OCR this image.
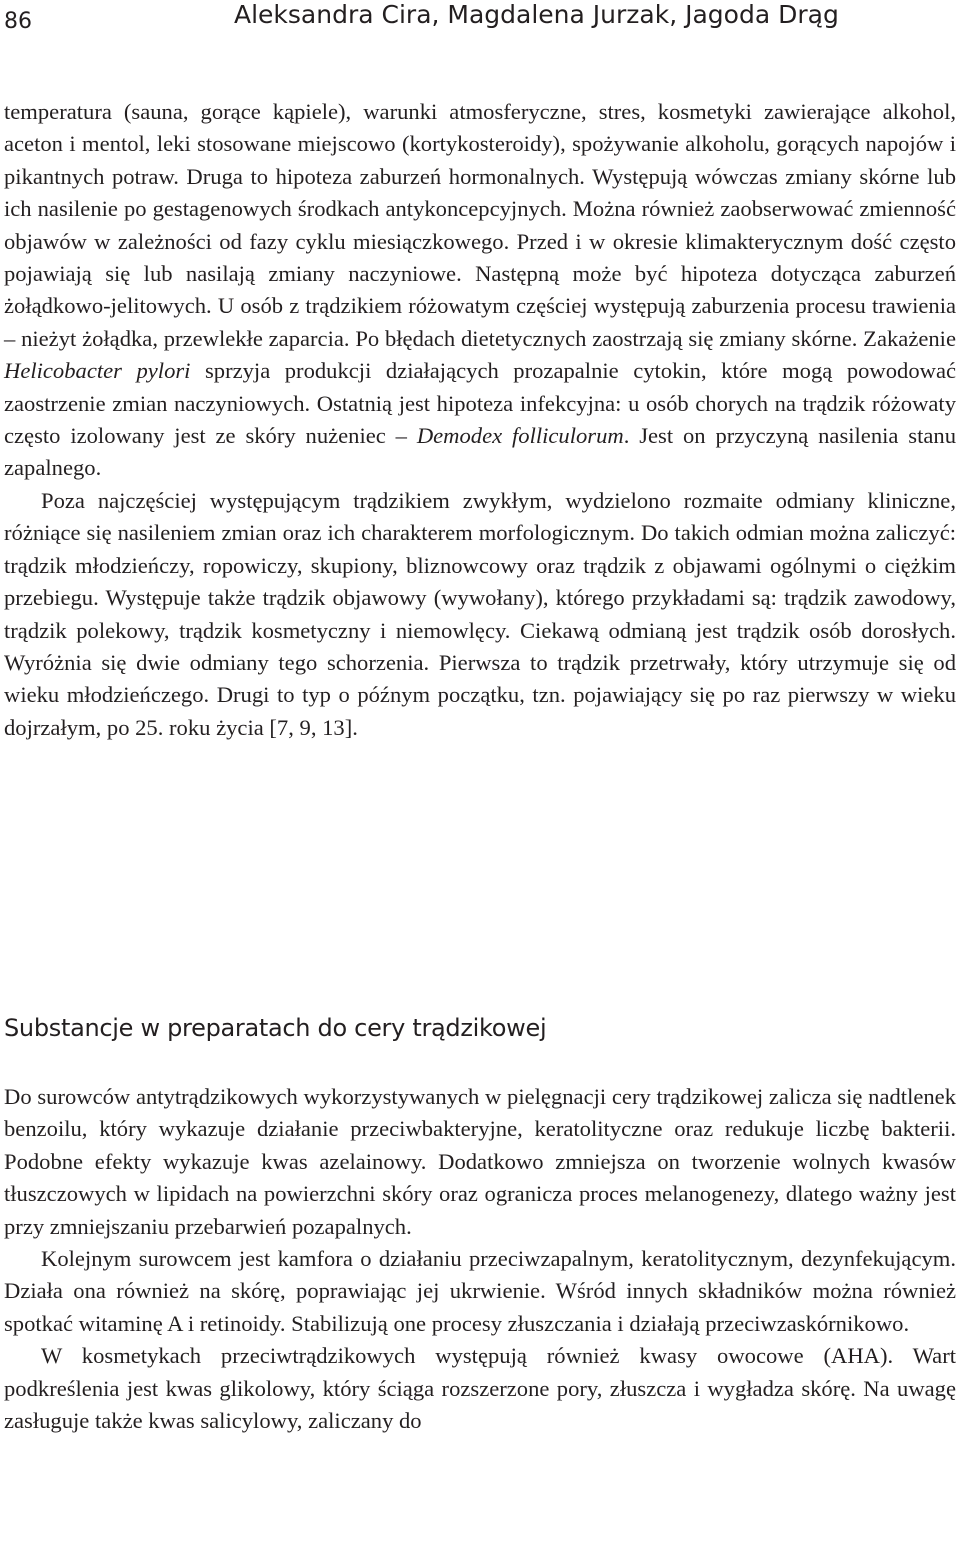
86	Aleksandra Cira, Magdalena Jurzak, Jagoda Drąg

temperatura (sauna, gorące kąpiele), warunki atmosferyczne, stres, kosmetyki zawierające alkohol, aceton i mentol, leki stosowane miejscowo (kortykosteroidy), spożywanie alkoholu, gorących napojów i pikantnych potraw. Druga to hipoteza zaburzeń hormonalnych. Występują wówczas zmiany skórne lub ich nasilenie po gestagenowych środkach antykoncepcyjnych. Można również zaobserwować zmienność objawów w zależności od fazy cyklu miesiączkowego. Przed i w okresie klimakterycznym dość często pojawiają się lub nasilają zmiany naczyniowe. Następną może być hipoteza dotycząca zaburzeń żołądkowo-jelitowych. U osób z trądzikiem różowatym częściej występują zaburzenia procesu trawienia – nieżyt żołądka, przewlekłe zaparcia. Po błędach dietetycznych zaostrzają się zmiany skórne. Zakażenie Helicobacter pylori sprzyja produkcji działających prozapalnie cytokin, które mogą powodować zaostrzenie zmian naczyniowych. Ostatnią jest hipoteza infekcyjna: u osób chorych na trądzik różowaty często izolowany jest ze skóry nużeniec – Demodex folliculorum. Jest on przyczyną nasilenia stanu zapalnego.

Poza najczęściej występującym trądzikiem zwykłym, wydzielono rozmaite odmiany kliniczne, różniące się nasileniem zmian oraz ich charakterem morfologicznym. Do takich odmian można zaliczyć: trądzik młodzieńczy, ropowiczy, skupiony, bliznowcowy oraz trądzik z objawami ogólnymi o ciężkim przebiegu. Występuje także trądzik objawowy (wywołany), którego przykładami są: trądzik zawodowy, trądzik polekowy, trądzik kosmetyczny i niemowlęcy. Ciekawą odmianą jest trądzik osób dorosłych. Wyróżnia się dwie odmiany tego schorzenia. Pierwsza to trądzik przetrwały, który utrzymuje się od wieku młodzieńczego. Drugi to typ o późnym początku, tzn. pojawiający się po raz pierwszy w wieku dojrzałym, po 25. roku życia [7, 9, 13].

Substancje w preparatach do cery trądzikowej

Do surowców antytrądzikowych wykorzystywanych w pielęgnacji cery trądzikowej zalicza się nadtlenek benzoilu, który wykazuje działanie przeciwbakteryjne, keratolityczne oraz redukuje liczbę bakterii. Podobne efekty wykazuje kwas azelainowy. Dodatkowo zmniejsza on tworzenie wolnych kwasów tłuszczowych w lipidach na powierzchni skóry oraz ogranicza proces melanogenezy, dlatego ważny jest przy zmniejszaniu przebarwień pozapalnych.

Kolejnym surowcem jest kamfora o działaniu przeciwzapalnym, keratolitycznym, dezynfekującym. Działa ona również na skórę, poprawiając jej ukrwienie. Wśród innych składników można również spotkać witaminę A i retinoidy. Stabilizują one procesy złuszczania i działają przeciwzaskórnikowo.

W kosmetykach przeciwtrądzikowych występują również kwasy owocowe (AHA). Wart podkreślenia jest kwas glikolowy, który ściąga rozszerzone pory, złuszcza i wygładza skórę. Na uwagę zasługuje także kwas salicylowy, zaliczany do
